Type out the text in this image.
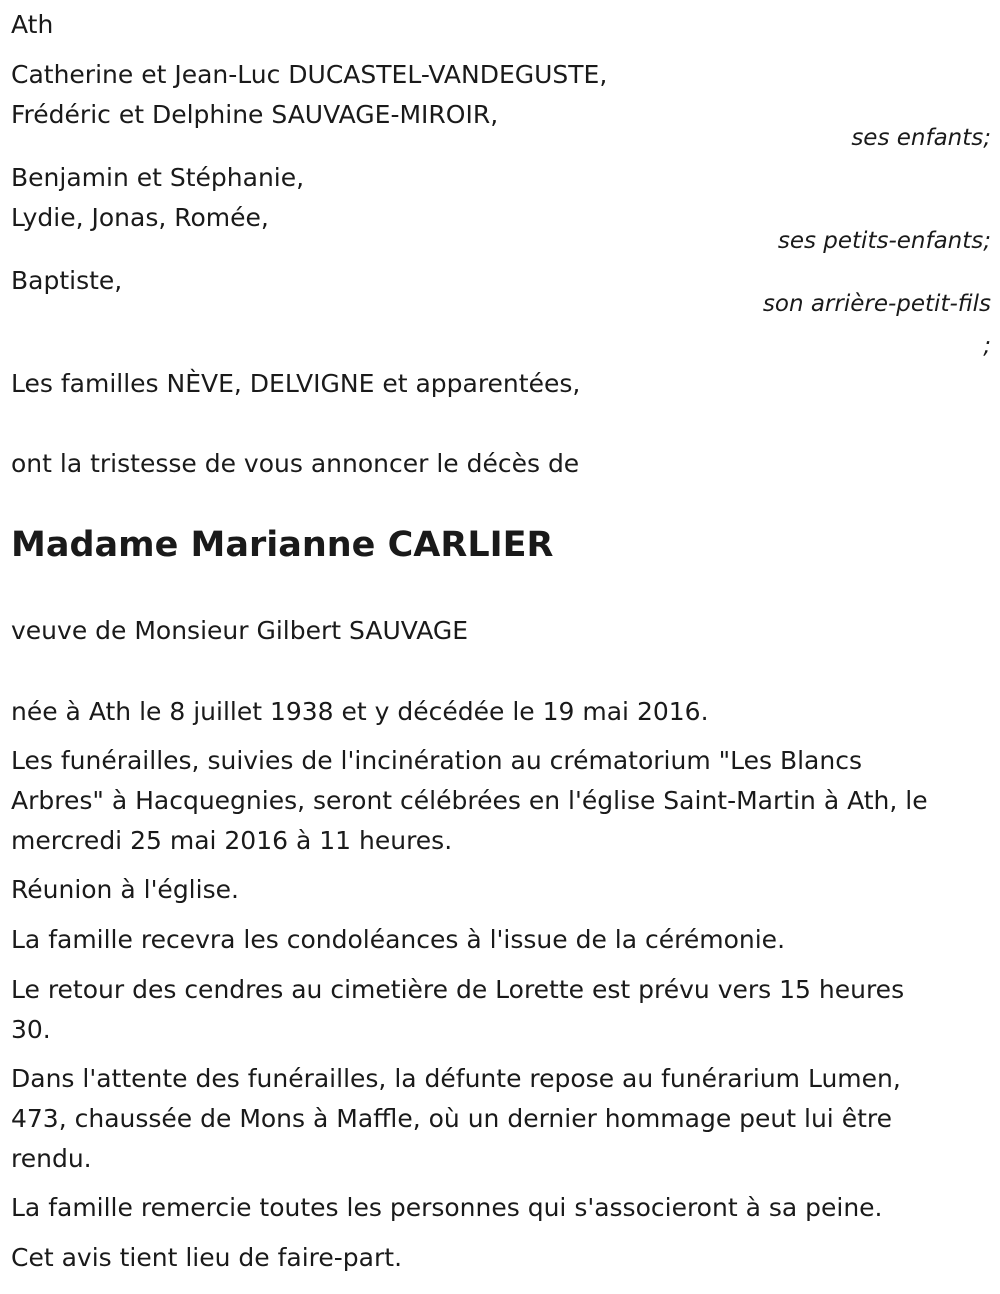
Ath
Catherine et Jean-Luc DUCASTEL-VANDEGUSTE,
Frédéric et Delphine SAUVAGE-MIROIR,
ses enfants;
Benjamin et Stéphanie,
Lydie, Jonas, Romée,
ses petits-enfants;
Baptiste,
son arrière-petit-fils
;
Les familles NÈVE, DELVIGNE et apparentées,
ont la tristesse de vous annoncer le décès de
Madame Marianne CARLIER
veuve de Monsieur Gilbert SAUVAGE
née à Ath le 8 juillet 1938 et y décédée le 19 mai 2016.
Les funérailles, suivies de l'incinération au crématorium "Les Blancs
Arbres" à Hacquegnies, seront célébrées en l'église Saint-Martin à Ath, le
mercredi 25 mai 2016 à 11 heures.
Réunion à l'église.
La famille recevra les condoléances à l'issue de la cérémonie.
Le retour des cendres au cimetière de Lorette est prévu vers 15 heures
30.
Dans l'attente des funérailles, la défunte repose au funérarium Lumen,
473, chaussée de Mons à Maffle, où un dernier hommage peut lui être
rendu.
La famille remercie toutes les personnes qui s'associeront à sa peine.
Cet avis tient lieu de faire-part.
